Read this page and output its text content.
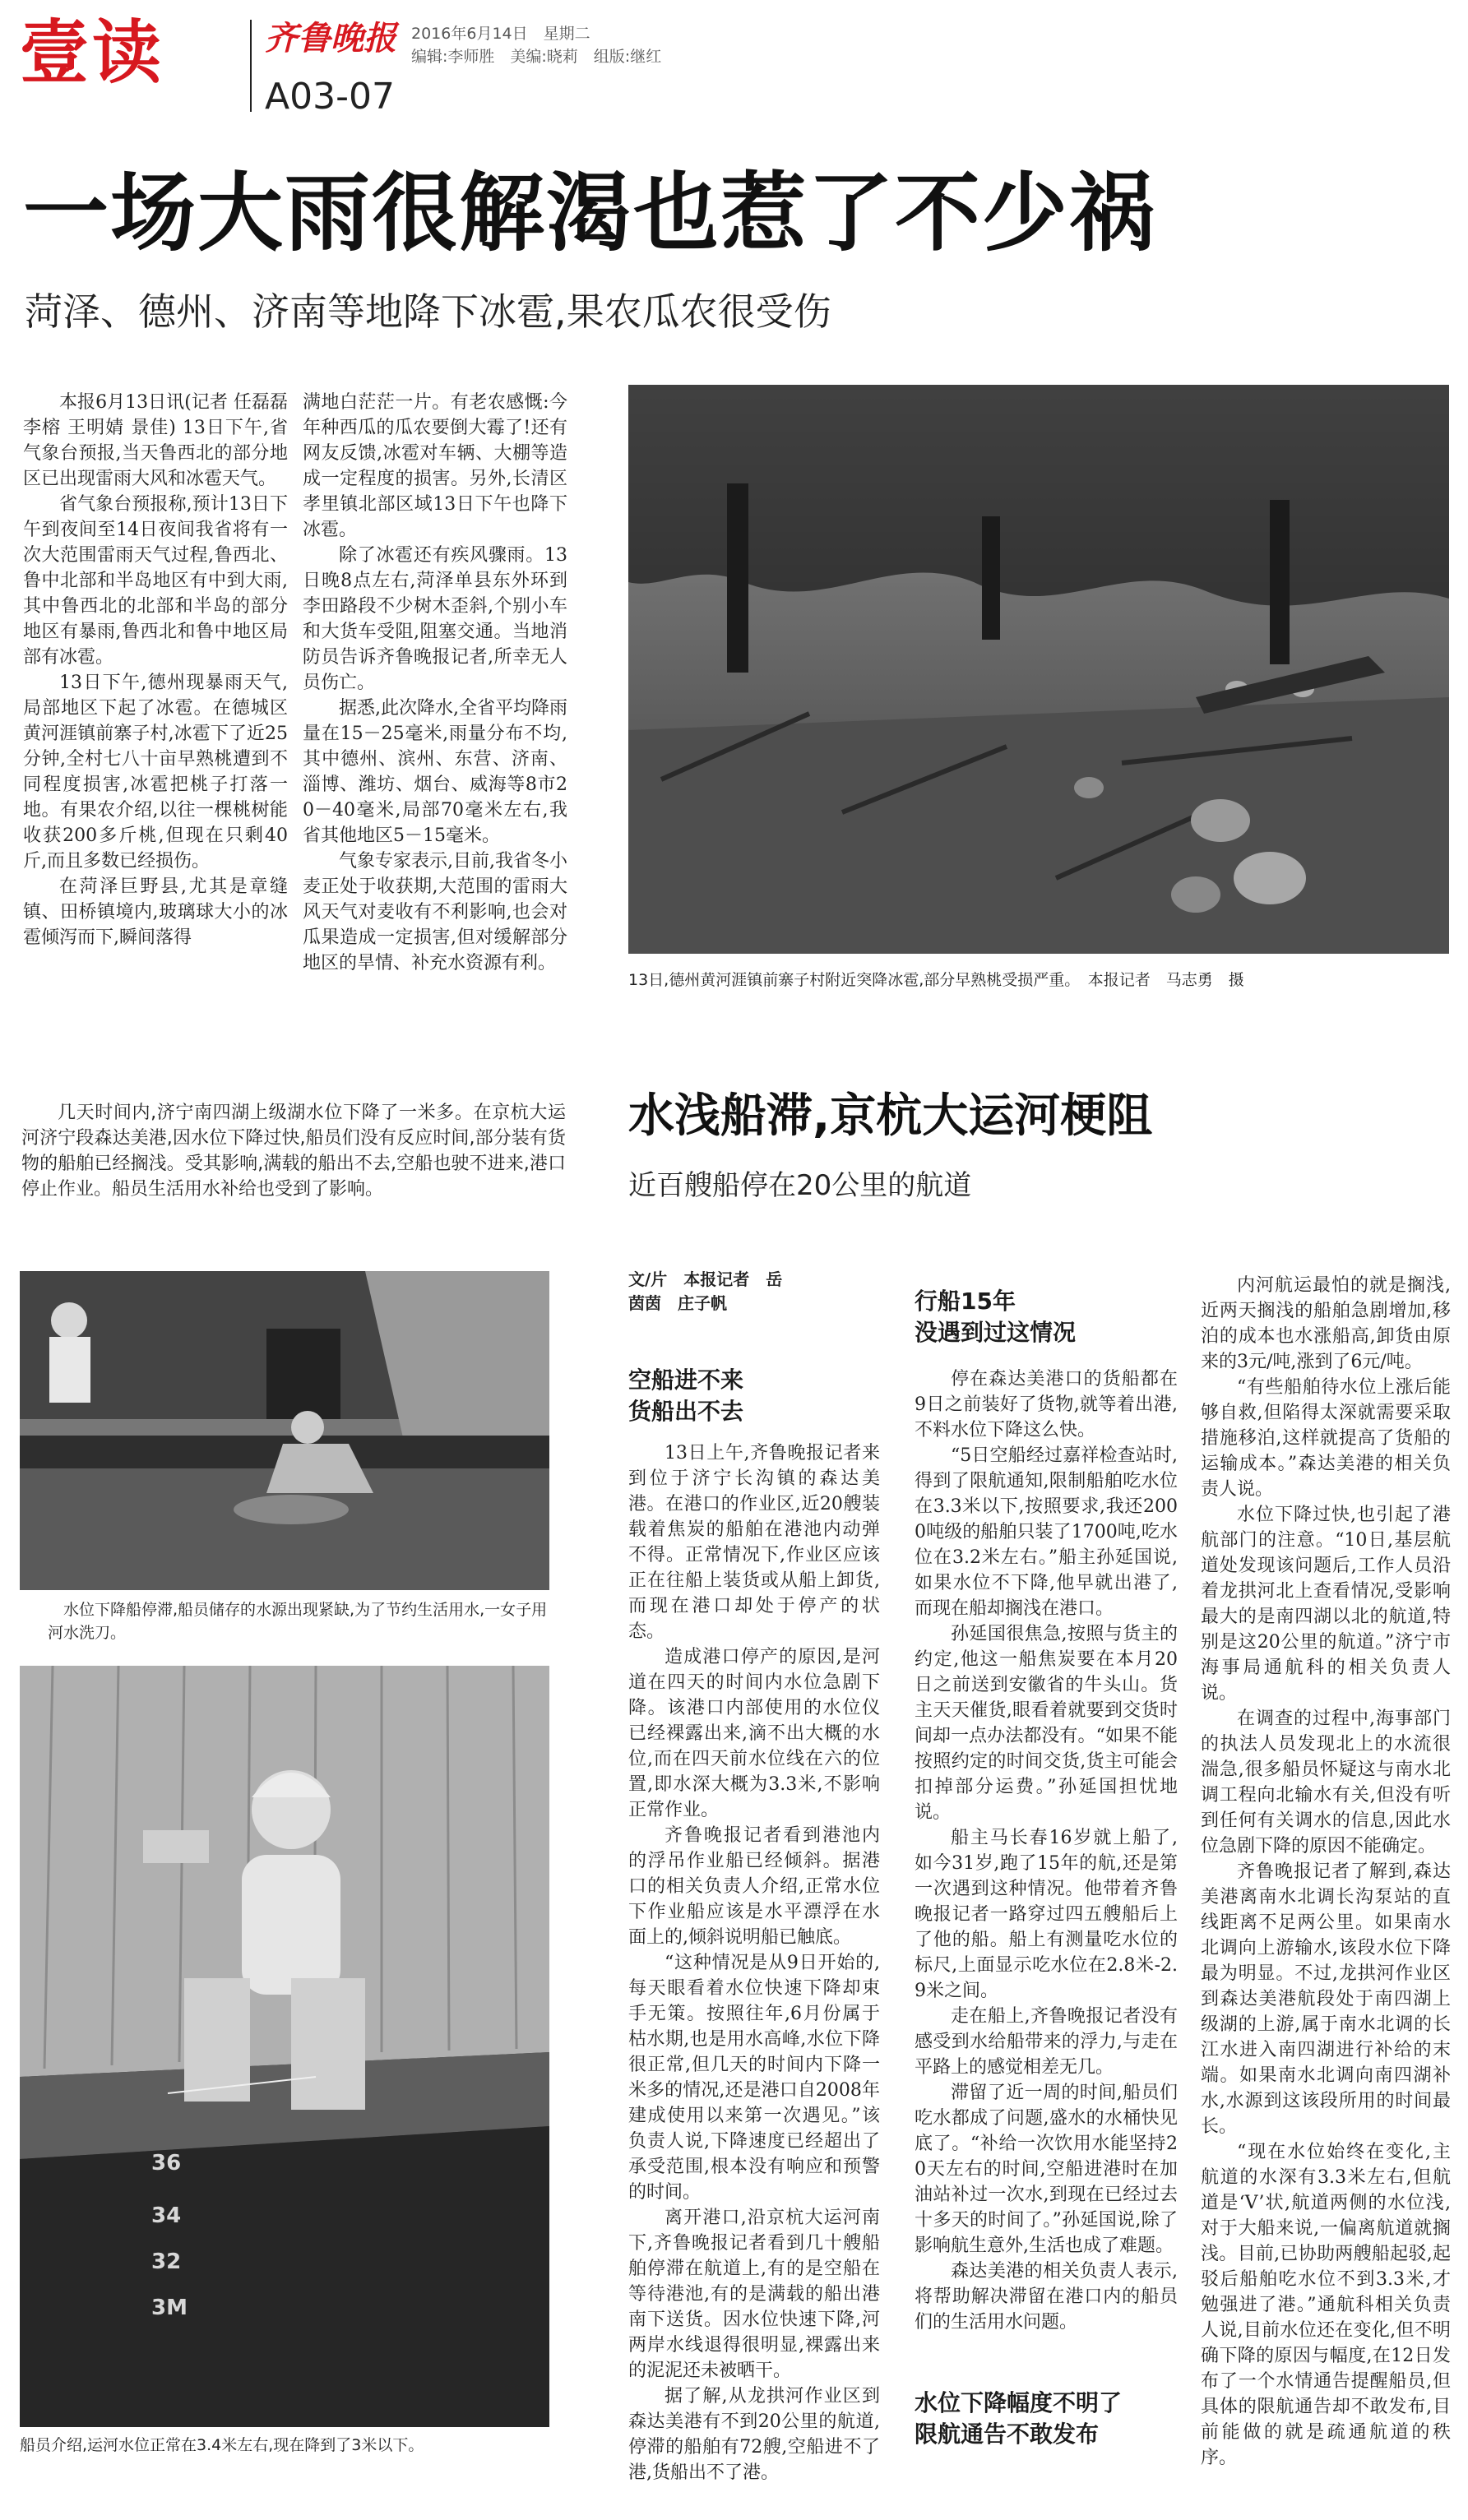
壹读	齐鲁晚报 2016年6月14日　星期二
编辑:李师胜　美编:晓莉　组版:继红
A03-07
一场大雨很解渴也惹了不少祸
菏泽、德州、济南等地降下冰雹,果农瓜农很受伤

本报6月13日讯(记者 任磊磊 李榕 王明婧 景佳) 13日下午,省气象台预报,当天鲁西北的部分地区已出现雷雨大风和冰雹天气。

省气象台预报称,预计13日下午到夜间至14日夜间我省将有一次大范围雷雨天气过程,鲁西北、鲁中北部和半岛地区有中到大雨,其中鲁西北的北部和半岛的部分地区有暴雨,鲁西北和鲁中地区局部有冰雹。

13日下午,德州现暴雨天气,局部地区下起了冰雹。在德城区黄河涯镇前寨子村,冰雹下了近25分钟,全村七八十亩早熟桃遭到不同程度损害,冰雹把桃子打落一地。有果农介绍,以往一棵桃树能收获200多斤桃,但现在只剩40斤,而且多数已经损伤。

在菏泽巨野县,尤其是章缝镇、田桥镇境内,玻璃球大小的冰雹倾泻而下,瞬间落得

满地白茫茫一片。有老农感慨:今年种西瓜的瓜农要倒大霉了!还有网友反馈,冰雹对车辆、大棚等造成一定程度的损害。另外,长清区孝里镇北部区域13日下午也降下冰雹。

除了冰雹还有疾风骤雨。13日晚8点左右,菏泽单县东外环到李田路段不少树木歪斜,个别小车和大货车受阻,阻塞交通。当地消防员告诉齐鲁晚报记者,所幸无人员伤亡。

据悉,此次降水,全省平均降雨量在15－25毫米,雨量分布不均,其中德州、滨州、东营、济南、淄博、潍坊、烟台、威海等8市20－40毫米,局部70毫米左右,我省其他地区5－15毫米。

气象专家表示,目前,我省冬小麦正处于收获期,大范围的雷雨大风天气对麦收有不利影响,也会对瓜果造成一定损害,但对缓解部分地区的旱情、补充水资源有利。

13日,德州黄河涯镇前寨子村附近突降冰雹,部分早熟桃受损严重。　本报记者　马志勇　摄
几天时间内,济宁南四湖上级湖水位下降了一米多。在京杭大运河济宁段森达美港,因水位下降过快,船员们没有反应时间,部分装有货物的船舶已经搁浅。受其影响,满载的船出不去,空船也驶不进来,港口停止作业。船员生活用水补给也受到了影响。
水位下降船停滞,船员储存的水源出现紧缺,为了节约生活用水,一女子用河水洗刀。
36
34
32
3M
船员介绍,运河水位正常在3.4米左右,现在降到了3米以下。
水浅船滞,京杭大运河梗阻
近百艘船停在20公里的航道
文/片　本报记者　岳茵茵　庄子帆
空船进不来
货船出不去

13日上午,齐鲁晚报记者来到位于济宁长沟镇的森达美港。在港口的作业区,近20艘装载着焦炭的船舶在港池内动弹不得。正常情况下,作业区应该正在往船上装货或从船上卸货,而现在港口却处于停产的状态。

造成港口停产的原因,是河道在四天的时间内水位急剧下降。该港口内部使用的水位仪已经裸露出来,滴不出大概的水位,而在四天前水位线在六的位置,即水深大概为3.3米,不影响正常作业。

齐鲁晚报记者看到港池内的浮吊作业船已经倾斜。据港口的相关负责人介绍,正常水位下作业船应该是水平漂浮在水面上的,倾斜说明船已触底。

“这种情况是从9日开始的,每天眼看着水位快速下降却束手无策。按照往年,6月份属于枯水期,也是用水高峰,水位下降很正常,但几天的时间内下降一米多的情况,还是港口自2008年建成使用以来第一次遇见。”该负责人说,下降速度已经超出了承受范围,根本没有响应和预警的时间。

离开港口,沿京杭大运河南下,齐鲁晚报记者看到几十艘船舶停滞在航道上,有的是空船在等待港池,有的是满载的船出港南下送货。因水位快速下降,河两岸水线退得很明显,裸露出来的泥泥还未被晒干。

据了解,从龙拱河作业区到森达美港有不到20公里的航道,停滞的船舶有72艘,空船进不了港,货船出不了港。

行船15年
没遇到过这情况

停在森达美港口的货船都在9日之前装好了货物,就等着出港,不料水位下降这么快。

“5日空船经过嘉祥检查站时,得到了限航通知,限制船舶吃水位在3.3米以下,按照要求,我还2000吨级的船舶只装了1700吨,吃水位在3.2米左右。”船主孙延国说,如果水位不下降,他早就出港了,而现在船却搁浅在港口。

孙延国很焦急,按照与货主的约定,他这一船焦炭要在本月20日之前送到安徽省的牛头山。货主天天催货,眼看着就要到交货时间却一点办法都没有。“如果不能按照约定的时间交货,货主可能会扣掉部分运费。”孙延国担忧地说。

船主马长春16岁就上船了,如今31岁,跑了15年的航,还是第一次遇到这种情况。他带着齐鲁晚报记者一路穿过四五艘船后上了他的船。船上有测量吃水位的标尺,上面显示吃水位在2.8米-2.9米之间。

走在船上,齐鲁晚报记者没有感受到水给船带来的浮力,与走在平路上的感觉相差无几。

滞留了近一周的时间,船员们吃水都成了问题,盛水的水桶快见底了。“补给一次饮用水能坚持20天左右的时间,空船进港时在加油站补过一次水,到现在已经过去十多天的时间了。”孙延国说,除了影响航生意外,生活也成了难题。

森达美港的相关负责人表示,将帮助解决滞留在港口内的船员们的生活用水问题。

水位下降幅度不明了
限航通告不敢发布

内河航运最怕的就是搁浅,近两天搁浅的船舶急剧增加,移泊的成本也水涨船高,卸货由原来的3元/吨,涨到了6元/吨。

“有些船舶待水位上涨后能够自救,但陷得太深就需要采取措施移泊,这样就提高了货船的运输成本。”森达美港的相关负责人说。

水位下降过快,也引起了港航部门的注意。“10日,基层航道处发现该问题后,工作人员沿着龙拱河北上查看情况,受影响最大的是南四湖以北的航道,特别是这20公里的航道。”济宁市海事局通航科的相关负责人说。

在调查的过程中,海事部门的执法人员发现北上的水流很湍急,很多船员怀疑这与南水北调工程向北输水有关,但没有听到任何有关调水的信息,因此水位急剧下降的原因不能确定。

齐鲁晚报记者了解到,森达美港离南水北调长沟泵站的直线距离不足两公里。如果南水北调向上游输水,该段水位下降最为明显。不过,龙拱河作业区到森达美港航段处于南四湖上级湖的上游,属于南水北调的长江水进入南四湖进行补给的末端。如果南水北调向南四湖补水,水源到这该段所用的时间最长。

“现在水位始终在变化,主航道的水深有3.3米左右,但航道是‘V’状,航道两侧的水位浅,对于大船来说,一偏离航道就搁浅。目前,已协助两艘船起驳,起驳后船舶吃水位不到3.3米,才勉强进了港。”通航科相关负责人说,目前水位还在变化,但不明确下降的原因与幅度,在12日发布了一个水情通告提醒船员,但具体的限航通告却不敢发布,目前能做的就是疏通航道的秩序。
